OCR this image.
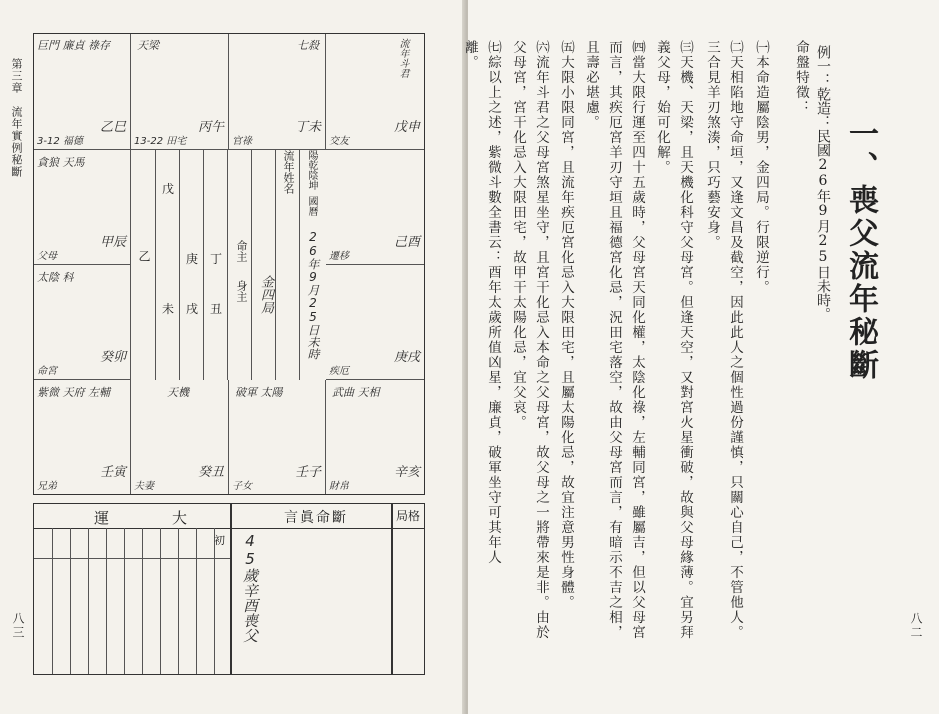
第三章　流年實例秘斷
巨門 廉貞 祿存
乙巳
3-12 福德
天梁
丙午
13-22 田宅
七殺
丁未
官祿
流年斗君
戊申
交友
貪狼 天馬
甲辰
父母
己酉
遷移
太陰 科
癸卯
命宮
庚戌
疾厄
紫微 天府 左輔
壬寅
兄弟
天機
癸丑
夫妻
破軍 太陽
壬子
子女
武曲 天相
辛亥
財帛
乙
戊
未
庚
戌
丁
丑
命主
身主 金四局
流年
姓名 陽乾陰坤
國曆
26年9月25日未時
運　大	言眞命斷	局格
初 45歲辛酉喪父
八三
一、喪父流年秘斷
例一：乾造：民國26年9月25日未時。
命盤特徵：
㈠本命造屬陰男，金四局。行限逆行。
㈡天相陷地守命垣，又逢文昌及截空，因此此人之個性過份謹慎，只關心自己，不管他人。三合見羊刃煞湊，只巧藝安身。
㈢天機、天梁，且天機化科守父母宮。但逢天空，又對宮火星衝破，故與父母緣薄。宜另拜義父母，始可化解。
㈣當大限行運至四十五歲時，父母宮天同化權，太陰化祿，左輔同宮，雖屬吉，但以父母宮而言，其疾厄宮羊刃守垣且福德宮化忌，況田宅落空，故由父母宮而言，有暗示不吉之相，且壽必堪慮。
㈤大限小限同宮，且流年疾厄宮化忌入大限田宅，且屬太陽化忌，故宜注意男性身體。
㈥流年斗君之父母宮煞星坐守，且宮干化忌入本命之父母宮，故父母之一將帶來是非。由於父母宮，宮干化忌入大限田宅，故甲干太陽化忌，宜父哀。
㈦綜以上之述，紫微斗數全書云：酉年太歲所值凶星，廉貞，破軍坐守可其年人離。
八二
